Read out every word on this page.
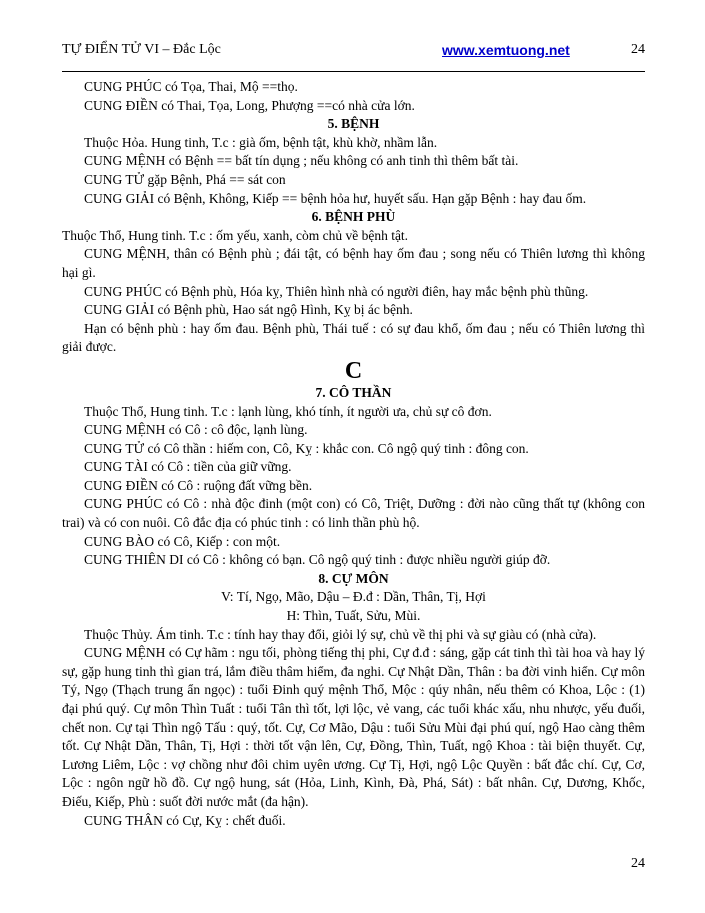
TỰ ĐIỂN TỬ VI – Đắc Lộc	www.xemtuong.net	24

CUNG PHÚC có Tọa, Thai, Mộ ==thọ.

CUNG ĐIỀN có Thai, Tọa, Long, Phượng ==có nhà cửa lớn.

5. BỆNH

Thuộc Hỏa. Hung tinh, T.c : già ốm, bệnh tật, khù khờ, nhầm lẫn.

CUNG MỆNH có Bệnh == bất tín dụng ; nếu không có anh tinh thì thêm bất tài.

CUNG TỬ gặp Bệnh, Phá == sát con

CUNG GIẢI có Bệnh, Không, Kiếp == bệnh hỏa hư, huyết sấu. Hạn gặp Bệnh : hay đau ốm.

6. BỆNH PHÙ

Thuộc Thổ, Hung tinh. T.c : ốm yếu, xanh, còm chủ về bệnh tật.

CUNG MỆNH, thân có Bệnh phù ; đái tật, có bệnh hay ốm đau ; song nếu có Thiên lương thì không hại gì.

CUNG PHÚC có Bệnh phù, Hóa kỵ, Thiên hình nhà có người điên, hay mắc bệnh phù thũng.

CUNG GIẢI có Bệnh phù, Hao sát ngộ Hình, Kỵ bị ác bệnh.

Hạn có bệnh phù : hay ốm đau. Bệnh phù, Thái tuế : có sự đau khổ, ốm đau ; nếu có Thiên lương thì giải được.

C
7. CÔ THẦN

Thuộc Thổ, Hung tinh. T.c : lạnh lùng, khó tính, ít người ưa, chủ sự cô đơn.

CUNG MỆNH có Cô : cô độc, lạnh lùng.

CUNG TỬ có Cô thần : hiếm con, Cô, Kỵ : khắc con. Cô ngộ quý tinh : đông con.

CUNG TÀI có Cô : tiền của giữ vững.

CUNG ĐIỀN có Cô : ruộng đất vững bền.

CUNG PHÚC có Cô : nhà độc đinh (một con) có Cô, Triệt, Dưỡng : đời nào cũng thất tự (không con trai) và có con nuôi. Cô đắc địa có phúc tinh : có linh thần phù hộ.

CUNG BÀO có Cô, Kiếp : con một.

CUNG THIÊN DI có Cô : không có bạn. Cô ngộ quý tinh : được nhiều người giúp đỡ.

8. CỰ MÔN
V: Tí, Ngọ, Mão, Dậu – Đ.đ : Dần, Thân, Tị, Hợi
H: Thìn, Tuất, Sửu, Mùi.

Thuộc Thủy. Ám tinh. T.c : tính hay thay đổi, giỏi lý sự, chủ về thị phi và sự giàu có (nhà cửa).

CUNG MỆNH có Cự hãm : ngu tối, phòng tiếng thị phi, Cự đ.đ : sáng, gặp cát tinh thì tài hoa và hay lý sự, gặp hung tinh thì gian trá, lắm điều thâm hiểm, đa nghi. Cự Nhật Dần, Thân : ba đời vinh hiển. Cự môn Tý, Ngọ (Thạch trung ẩn ngọc) : tuổi Đinh quý mệnh Thổ, Mộc : qúy nhân, nếu thêm có Khoa, Lộc : (1) đại phú quý. Cự môn Thìn Tuất : tuổi Tân thì tốt, lợi lộc, vẻ vang, các tuổi khác xấu, nhu nhược, yếu đuối, chết non. Cự tại Thìn ngộ Tấu : quý, tốt. Cự, Cơ Mão, Dậu : tuổi Sửu Mùi đại phú quí, ngộ Hao càng thêm tốt. Cự Nhật Dần, Thân, Tị, Hợi : thời tốt vận lên, Cự, Đồng, Thìn, Tuất, ngộ Khoa : tài biện thuyết. Cự, Lương Liêm, Lộc : vợ chồng như đôi chim uyên ương. Cự Tị, Hợi, ngộ Lộc Quyền : bất đắc chí. Cự, Cơ, Lộc : ngôn ngữ hồ đồ. Cự ngộ hung, sát (Hỏa, Linh, Kình, Đà, Phá, Sát) : bất nhân. Cự, Dương, Khốc, Điếu, Kiếp, Phù : suốt đời nước mắt (đa hận).

CUNG THÂN có Cự, Kỵ : chết đuối.

24
